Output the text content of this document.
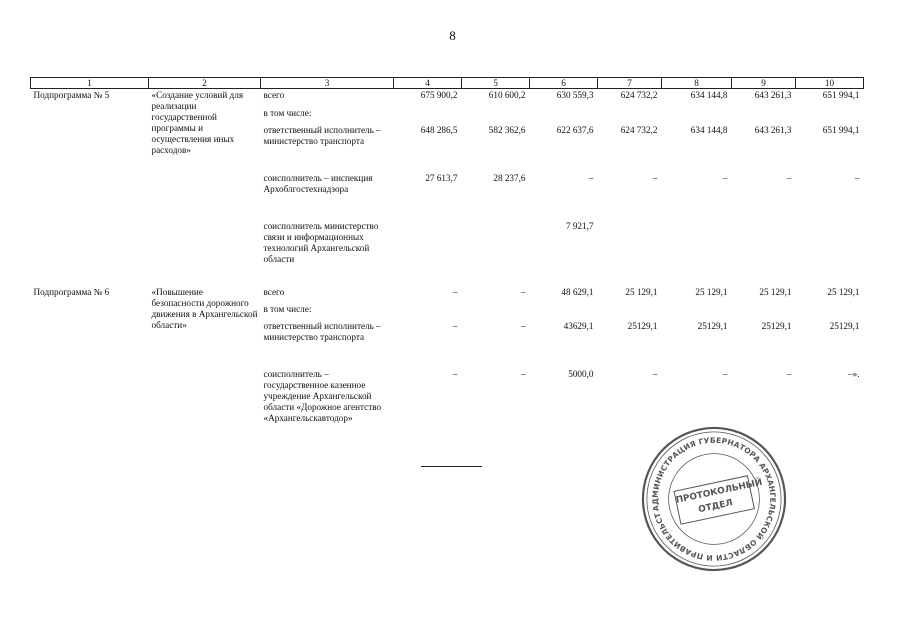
8
1	2	3	4	5	6	7	8	9	10
Подпрограмма № 5	«Создание условий для реализации государственной программы и осуществления иных расходов»	всего	675 900,2	610 600,2	630 559,3	624 732,2	634 144,8	643 261,3	651 994,1
		в том числе:							
		ответственный исполнитель – министерство транспорта	648 286,5	582 362,6	622 637,6	624 732,2	634 144,8	643 261,3	651 994,1
		соисполнитель – инспекция Архоблгостехнадзора	27 613,7	28 237,6	–	–	–	–	–
		соисполнитель министерство связи и информационных технологий Архангельской области			7 921,7				
Подпрограмма № 6	«Повышение безопасности дорожного движения в Архангельской области»	всего	–	–	48 629,1	25 129,1	25 129,1	25 129,1	25 129,1
		в том числе:							
		ответственный исполнитель – министерство транспорта	–	–	43629,1	25129,1	25129,1	25129,1	25129,1
		соисполнитель – государственное казенное учреждение Архангельской области «Дорожное агентство «Архангельскавтодор»	–	–	5000,0	–	–	–	–».
АДМИНИСТРАЦИЯ ГУБЕРНАТОРА АРХАНГЕЛЬСКОЙ ОБЛАСТИ И ПРАВИТЕЛЬСТВА
ПРОТОКОЛЬНЫЙ ОТДЕЛ
